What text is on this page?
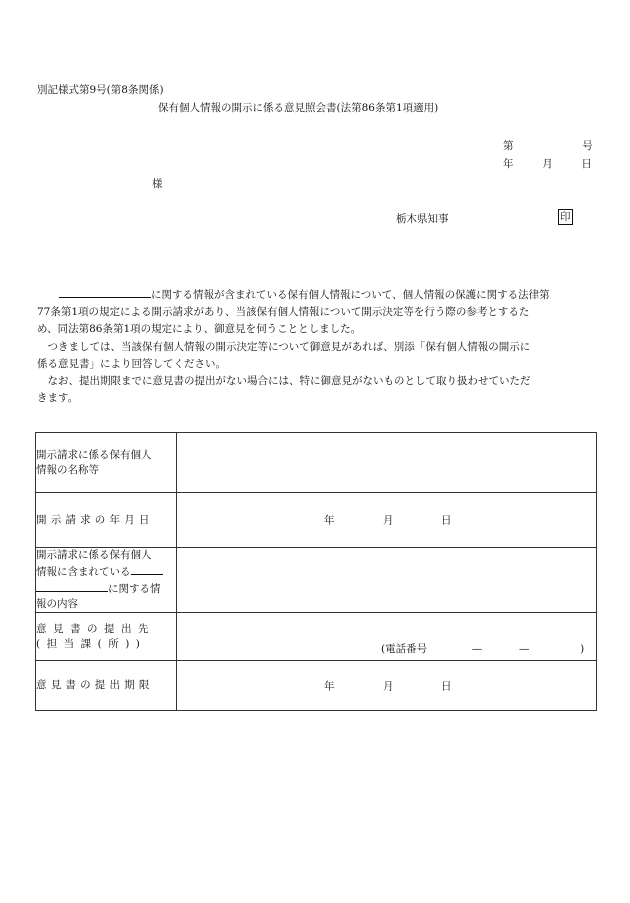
別記様式第9号(第8条関係)
保有個人情報の開示に係る意見照会書(法第86条第1項適用)
第	号
年	月	日
様
栃木県知事	印

に関する情報が含まれている保有個人情報について、個人情報の保護に関する法律第
77条第1項の規定による開示請求があり、当該保有個人情報について開示決定等を行う際の参考とするた
め、同法第86条第1項の規定により、御意見を伺うこととしました。

つきましては、当該保有個人情報の開示決定等について御意見があれば、別添「保有個人情報の開示に
係る意見書」により回答してください。

なお、提出期限までに意見書の提出がない場合には、特に御意見がないものとして取り扱わせていただ
きます。

開示請求に係る保有個人
情報の名称等	
開示請求の年月日	年 月 日

開示請求に係る保有個人
情報に含まれている
に関する情
報の内容	
意見書の提出先
(担当課(所))	(電話番号 — — )

意見書の提出期限	年 月 日
